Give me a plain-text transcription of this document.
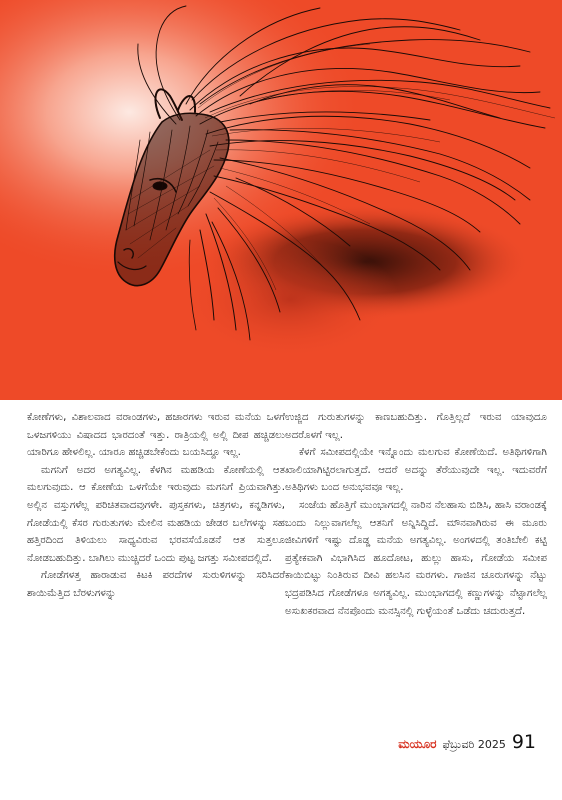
ಕೋಣೆಗಳು, ವಿಶಾಲವಾದ ವರಾಂಡಗಳು, ಹಜಾರಗಳು ಇರುವ ಮನೆಯ ಒಳಗೆ ಒಳಜಗಳಿಯು ವಿಷಾದದ ಭಾರದಂತೆ ಇತ್ತು. ರಾತ್ರಿಯಲ್ಲಿ ಅಲ್ಲಿ ದೀಪ ಹಚ್ಚಿಡಲು ಯಾರಿಗೂ ಹೇಳಲಿಲ್ಲ. ಯಾರೂ ಹಚ್ಚಿಡಬೇಕೆಂದು ಬಯಸಿದ್ದೂ ಇಲ್ಲ.

ಮಗನಿಗೆ ಅದರ ಅಗತ್ಯವಿಲ್ಲ. ಕೆಳಗಿನ ಮಹಡಿಯ ಕೋಣೆಯಲ್ಲಿ ಆತ ಮಲಗುವುದು. ಆ ಕೋಣೆಯ ಒಳಗೆಯೇ ಇರುವುದು ಮಗನಿಗೆ ಪ್ರಿಯವಾಗಿತ್ತು. ಅಲ್ಲಿನ ವಸ್ತುಗಳೆಲ್ಲ ಪರಿಚಿತವಾದವುಗಳೇ. ಪುಸ್ತಕಗಳು, ಚಿತ್ರಗಳು, ಕನ್ನಡಿಗಳು, ಗೋಡೆಯಲ್ಲಿ ಕೆಸರ ಗುರುತುಗಳು ಮೇಲಿನ ಮಹಡಿಯ ಜೇಡರ ಬಲೆಗಳನ್ನು ಸಹ ಹತ್ತಿರದಿಂದ ತಿಳಿಯಲು ಸಾಧ್ಯವಿರುವ ಭರವಸೆಯೊಡನೆ ಆತ ಸುತ್ತಲೂ ನೋಡಬಹುದಿತ್ತು. ಬಾಗಿಲು ಮುಚ್ಚಿದರೆ ಒಂದು ಪುಟ್ಟ ಜಗತ್ತು ಸಮೀಪದಲ್ಲಿದೆ.

ಗೋಡೆಗಳತ್ತ ಹಾರಾಡುವ ಕಿಟಕಿ ಪರದೆಗಳ ಸುರುಳಿಗಳನ್ನು ಸರಿಸಿದರೆ ಶಾಯಿಮೆತ್ತಿದ ಬೆರಳುಗಳನ್ನು

ಉಜ್ಜಿದ ಗುರುತುಗಳನ್ನು ಕಾಣಬಹುದಿತ್ತು. ಗೊತ್ತಿಲ್ಲದೆ ಇರುವ ಯಾವುದೂ ಅದರೊಳಗೆ ಇಲ್ಲ.

ಕೆಳಗೆ ಸಮೀಪದಲ್ಲಿಯೇ ಇನ್ನೊಂದು ಮಲಗುವ ಕೋಣೆಯಿದೆ. ಅತಿಥಿಗಳಿಗಾಗಿ ಖಾಲಿಯಾಗಿಟ್ಟಿರಲಾಗುತ್ತದೆ. ಆದರೆ ಅದನ್ನು ತೆರೆಯುವುದೇ ಇಲ್ಲ. ಇದುವರೆಗೆ ಅತಿಥಿಗಳು ಬಂದ ಅನುಭವವೂ ಇಲ್ಲ.

ಸಂಜೆಯ ಹೊತ್ತಿಗೆ ಮುಂಭಾಗದಲ್ಲಿ ನಾರಿನ ನೆಲಹಾಸು ಬಿಡಿಸಿ, ಹಾಸಿ ವರಾಂಡಕ್ಕೆ ಬಂದು ನಿಲ್ಲುವಾಗಲೆಲ್ಲ ಆತನಿಗೆ ಅನ್ನಿಸಿದ್ದಿದೆ. ಮೌನವಾಗಿರುವ ಈ ಮೂರು ಜೀವಿಗಳಿಗೆ ಇಷ್ಟು ದೊಡ್ಡ ಮನೆಯ ಅಗತ್ಯವಿಲ್ಲ. ಅಂಗಳದಲ್ಲಿ ತಂತಿಬೇಲಿ ಕಟ್ಟಿ ಪ್ರತ್ಯೇಕವಾಗಿ ವಿಭಾಗಿಸಿದ ಹೂದೋಟ, ಹುಲ್ಲು ಹಾಸು, ಗೋಡೆಯ ಸಮೀಪ ಕಾಯಿಬಿಟ್ಟು ನಿಂತಿರುವ ದೀವಿ ಹಲಸಿನ ಮರಗಳು. ಗಾಜಿನ ಚೂರುಗಳನ್ನು ನೆಟ್ಟು ಭದ್ರಪಡಿಸಿದ ಗೋಡೆಗಳೂ ಅಗತ್ಯವಿಲ್ಲ. ಮುಂಭಾಗದಲ್ಲಿ ಕಣ್ಣುಗಳನ್ನು ನೆಟ್ಟಾಗಲೆಲ್ಲ ಅಸುಖಕರವಾದ ನೆನಪೊಂದು ಮನಸ್ಸಿನಲ್ಲಿ ಗುಳ್ಳೆಯಂತೆ ಒಡೆದು ಚದುರುತ್ತದೆ.

ಮಯೂರ ಫೆಬ್ರುವರಿ 2025 91
